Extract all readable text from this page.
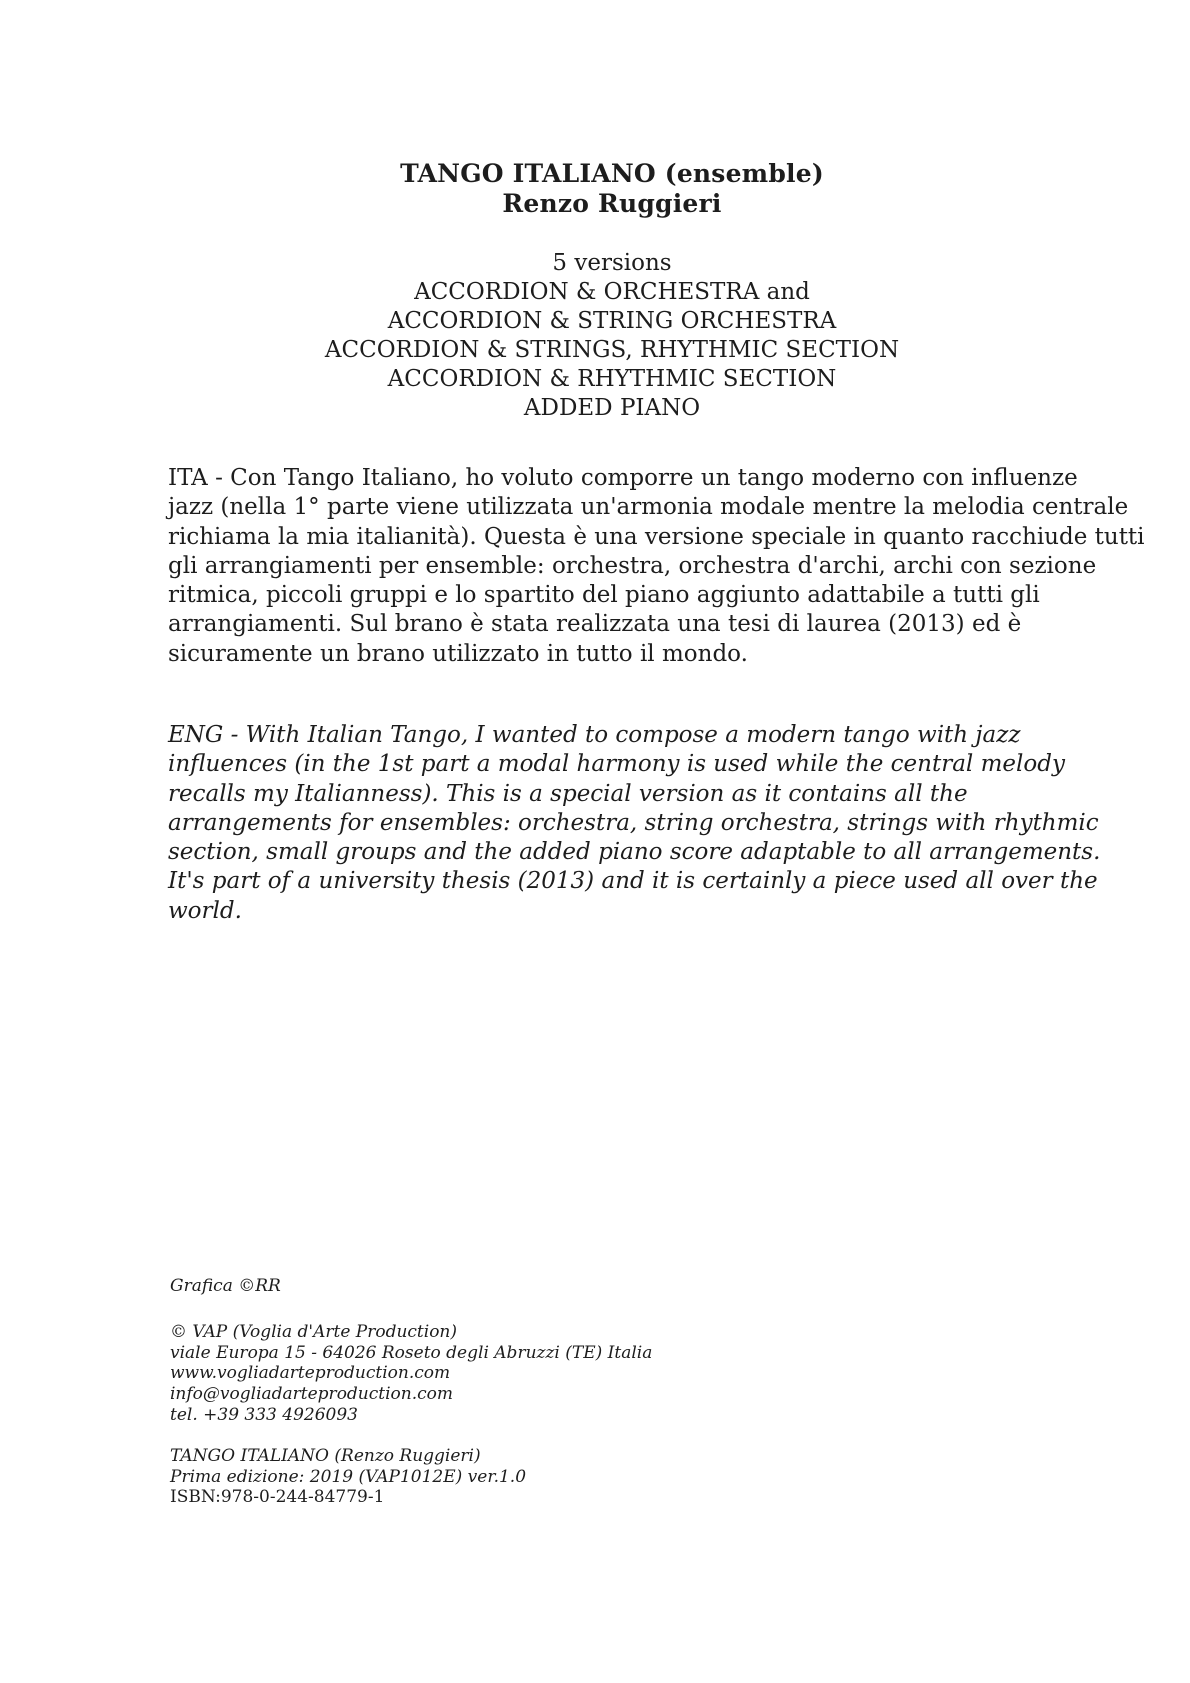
TANGO ITALIANO (ensemble)
Renzo Ruggieri
5 versions
ACCORDION & ORCHESTRA and
ACCORDION & STRING ORCHESTRA
ACCORDION & STRINGS, RHYTHMIC SECTION
ACCORDION & RHYTHMIC SECTION
ADDED PIANO
ITA - Con Tango Italiano, ho voluto comporre un tango moderno con influenze
jazz (nella 1° parte viene utilizzata un'armonia modale mentre la melodia centrale
richiama la mia italianità). Questa è una versione speciale in quanto racchiude tutti
gli arrangiamenti per ensemble: orchestra, orchestra d'archi, archi con sezione
ritmica, piccoli gruppi e lo spartito del piano aggiunto adattabile a tutti gli
arrangiamenti. Sul brano è stata realizzata una tesi di laurea (2013) ed è
sicuramente un brano utilizzato in tutto il mondo.
ENG - With Italian Tango, I wanted to compose a modern tango with jazz
influences (in the 1st part a modal harmony is used while the central melody
recalls my Italianness). This is a special version as it contains all the
arrangements for ensembles: orchestra, string orchestra, strings with rhythmic
section, small groups and the added piano score adaptable to all arrangements.
It's part of a university thesis (2013) and it is certainly a piece used all over the
world.
Grafica ©RR
© VAP (Voglia d'Arte Production)
viale Europa 15 - 64026 Roseto degli Abruzzi (TE) Italia
www.vogliadarteproduction.com
info@vogliadarteproduction.com
tel. +39 333 4926093
TANGO ITALIANO (Renzo Ruggieri)
Prima edizione: 2019 (VAP1012E) ver.1.0
ISBN:978-0-244-84779-1
